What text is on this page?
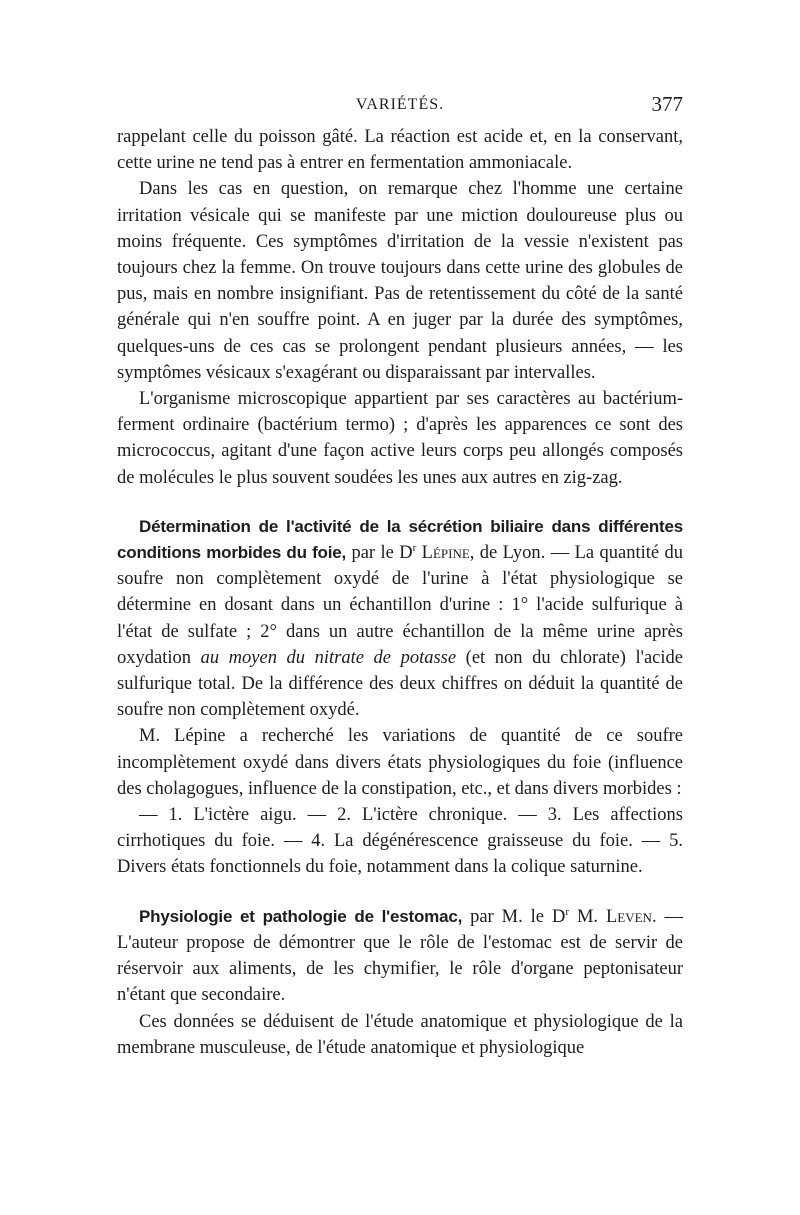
VARIÉTÉS.	377

rappelant celle du poisson gâté. La réaction est acide et, en la conservant, cette urine ne tend pas à entrer en fermentation ammoniacale.

Dans les cas en question, on remarque chez l'homme une certaine irritation vésicale qui se manifeste par une miction douloureuse plus ou moins fréquente. Ces symptômes d'irritation de la vessie n'existent pas toujours chez la femme. On trouve toujours dans cette urine des globules de pus, mais en nombre insignifiant. Pas de retentissement du côté de la santé générale qui n'en souffre point. A en juger par la durée des symptômes, quelques-uns de ces cas se prolongent pendant plusieurs années, — les symptômes vésicaux s'exagérant ou disparaissant par intervalles.

L'organisme microscopique appartient par ses caractères au bactérium-ferment ordinaire (bactérium termo) ; d'après les apparences ce sont des micrococcus, agitant d'une façon active leurs corps peu allongés composés de molécules le plus souvent soudées les unes aux autres en zig-zag.

Détermination de l'activité de la sécrétion biliaire dans différentes conditions morbides du foie, par le $D^r$ Lépine, de Lyon. — La quantité du soufre non complètement oxydé de l'urine à l'état physiologique se détermine en dosant dans un échantillon d'urine : 1° l'acide sulfurique à l'état de sulfate ; 2° dans un autre échantillon de la même urine après oxydation au moyen du nitrate de potasse (et non du chlorate) l'acide sulfurique total. De la différence des deux chiffres on déduit la quantité de soufre non complètement oxydé.

M. Lépine a recherché les variations de quantité de ce soufre incomplètement oxydé dans divers états physiologiques du foie (influence des cholagogues, influence de la constipation, etc., et dans divers morbides :

— 1. L'ictère aigu. — 2. L'ictère chronique. — 3. Les affections cirrhotiques du foie. — 4. La dégénérescence graisseuse du foie. — 5. Divers états fonctionnels du foie, notamment dans la colique saturnine.

Physiologie et pathologie de l'estomac, par M. le $D^r$ M. Leven. — L'auteur propose de démontrer que le rôle de l'estomac est de servir de réservoir aux aliments, de les chymifier, le rôle d'organe peptonisateur n'étant que secondaire.

Ces données se déduisent de l'étude anatomique et physiologique de la membrane musculeuse, de l'étude anatomique et physiologique
